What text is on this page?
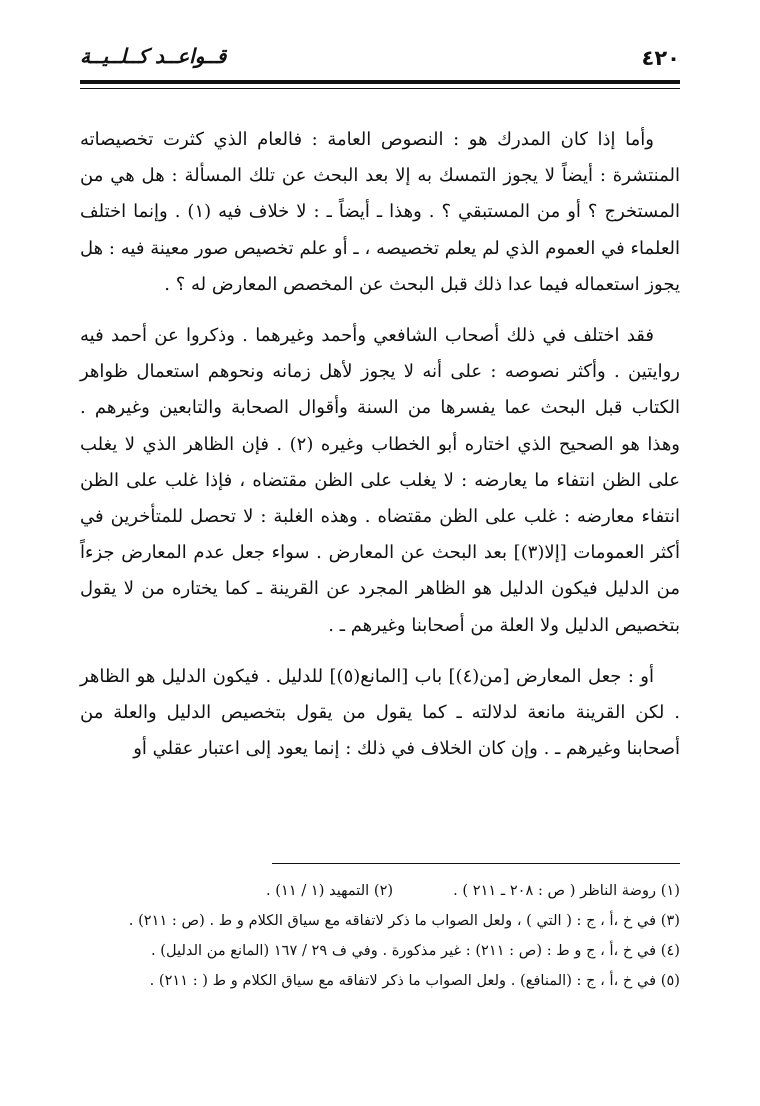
٤٢٠
قــواعــد كــلــيــة

وأما إذا كان المدرك هو : النصوص العامة : فالعام الذي كثرت تخصيصاته المنتشرة : أيضاً لا يجوز التمسك به إلا بعد البحث عن تلك المسألة : هل هي من المستخرج ؟ أو من المستبقي ؟ . وهذا ـ أيضاً ـ : لا خلاف فيه (١) . وإنما اختلف العلماء في العموم الذي لم يعلم تخصيصه ، ـ أو علم تخصيص صور معينة فيه : هل يجوز استعماله فيما عدا ذلك قبل البحث عن المخصص المعارض له ؟ .

فقد اختلف في ذلك أصحاب الشافعي وأحمد وغيرهما . وذكروا عن أحمد فيه روايتين . وأكثر نصوصه : على أنه لا يجوز لأهل زمانه ونحوهم استعمال ظواهر الكتاب قبل البحث عما يفسرها من السنة وأقوال الصحابة والتابعين وغيرهم . وهذا هو الصحيح الذي اختاره أبو الخطاب وغيره (٢) . فإن الظاهر الذي لا يغلب على الظن انتفاء ما يعارضه : لا يغلب على الظن مقتضاه ، فإذا غلب على الظن انتفاء معارضه : غلب على الظن مقتضاه . وهذه الغلبة : لا تحصل للمتأخرين في أكثر العمومات [إلا(٣)] بعد البحث عن المعارض . سواء جعل عدم المعارض جزءاً من الدليل فيكون الدليل هو الظاهر المجرد عن القرينة ـ كما يختاره من لا يقول بتخصيص الدليل ولا العلة من أصحابنا وغيرهم ـ .

أو : جعل المعارض [من(٤)] باب [المانع(٥)] للدليل . فيكون الدليل هو الظاهر . لكن القرينة مانعة لدلالته ـ كما يقول من يقول بتخصيص الدليل والعلة من أصحابنا وغيرهم ـ . وإن كان الخلاف في ذلك : إنما يعود إلى اعتبار عقلي أو

(١) روضة الناظر ( ص : ٢٠٨ ـ ٢١١ ) .

(٢) التمهيد (١ / ١١) .

(٣) في خ ،أ ، ج : ( التي ) ، ولعل الصواب ما ذكر لاتفاقه مع سياق الكلام و ط . (ص : ٢١١) .

(٤) في خ ،أ ، ج و ط : (ص : ٢١١) : غير مذكورة . وفي ف ٢٩ / ١٦٧ (المانع من الدليل) .

(٥) في خ ،أ ، ج : (المنافع) . ولعل الصواب ما ذكر لاتفاقه مع سياق الكلام و ط ( : ٢١١) .
